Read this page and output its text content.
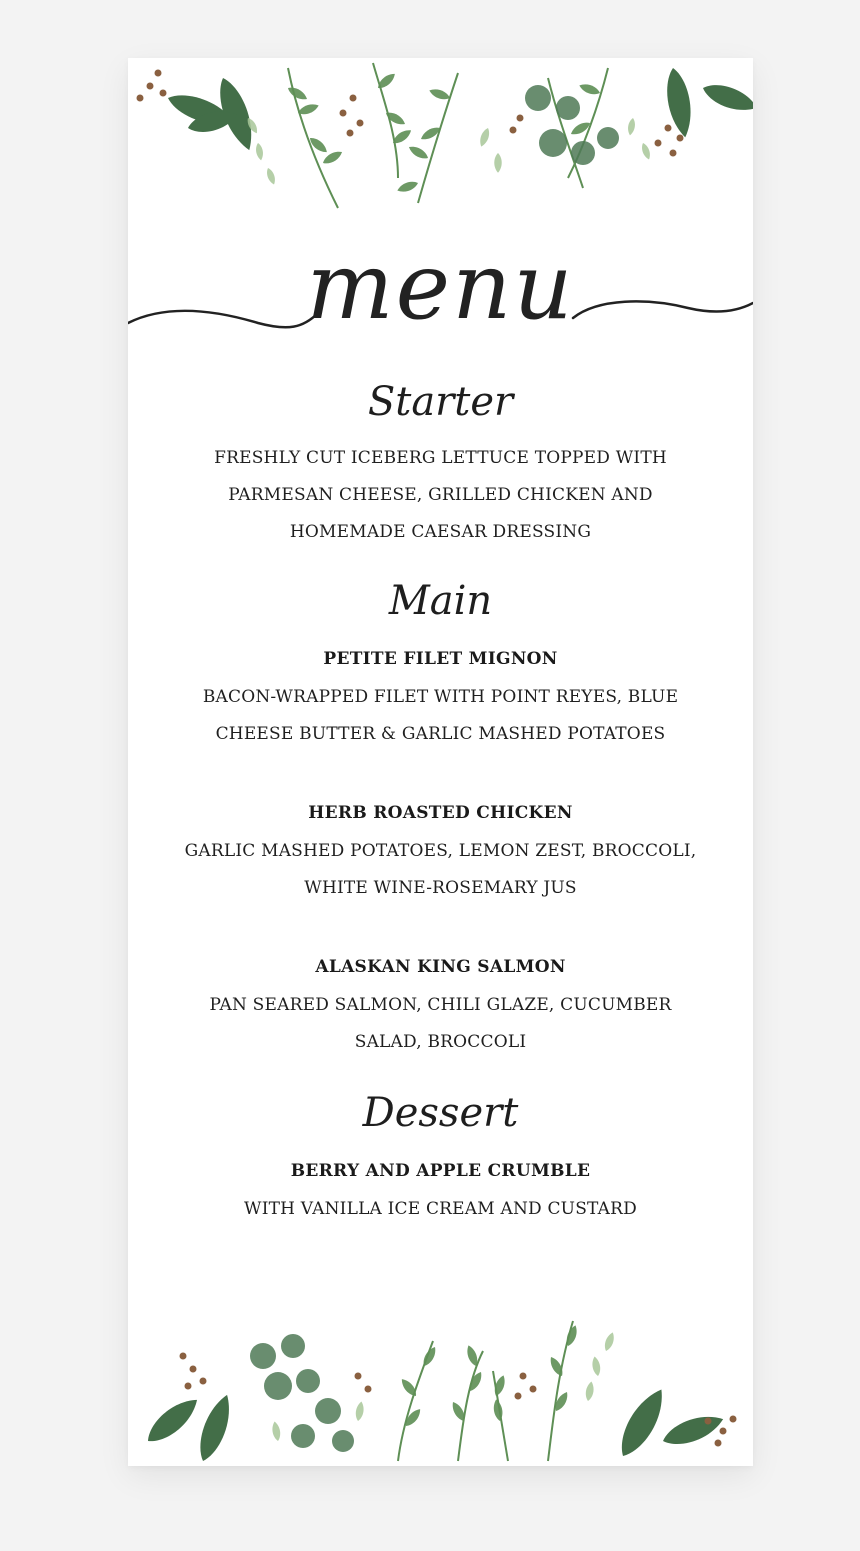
menu
Starter
FRESHLY CUT ICEBERG LETTUCE TOPPED WITH
PARMESAN CHEESE, GRILLED CHICKEN AND
HOMEMADE CAESAR DRESSING
Main
PETITE FILET MIGNON
BACON-WRAPPED FILET WITH POINT REYES, BLUE
CHEESE BUTTER & GARLIC MASHED POTATOES
HERB ROASTED CHICKEN
GARLIC MASHED POTATOES, LEMON ZEST, BROCCOLI,
WHITE WINE-ROSEMARY JUS
ALASKAN KING SALMON
PAN SEARED SALMON, CHILI GLAZE, CUCUMBER
SALAD, BROCCOLI
Dessert
BERRY AND APPLE CRUMBLE
WITH VANILLA ICE CREAM AND CUSTARD
